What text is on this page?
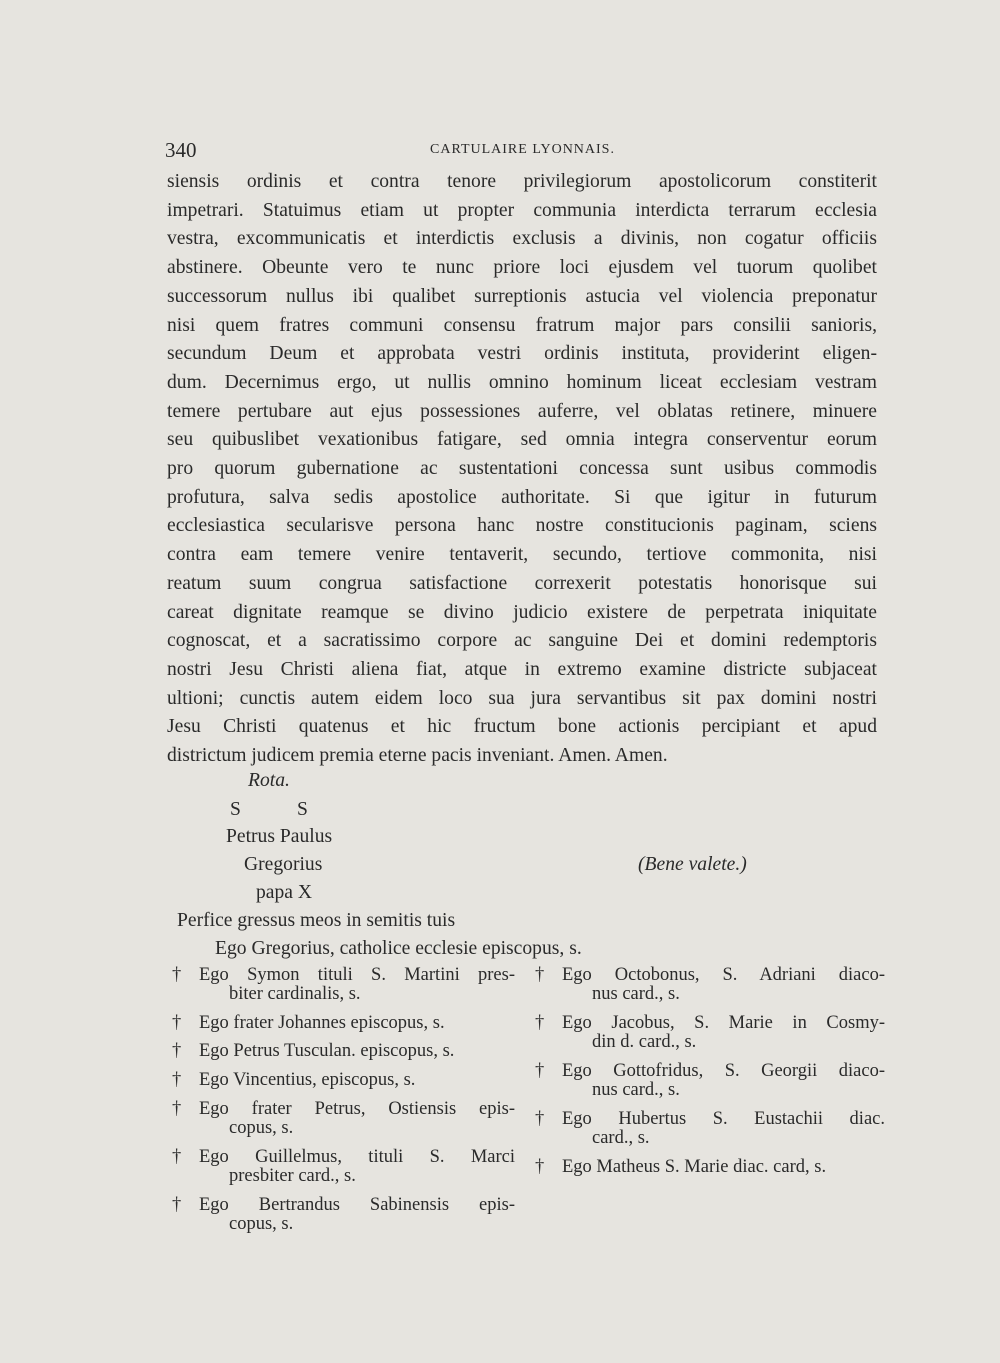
340	CARTULAIRE LYONNAIS.
siensis ordinis et contra tenore privilegiorum apostolicorum constiterit
impetrari. Statuimus etiam ut propter communia interdicta terrarum ecclesia
vestra, excommunicatis et interdictis exclusis a divinis, non cogatur officiis
abstinere. Obeunte vero te nunc priore loci ejusdem vel tuorum quolibet
successorum nullus ibi qualibet surreptionis astucia vel violencia preponatur
nisi quem fratres communi consensu fratrum major pars consilii sanioris,
secundum Deum et approbata vestri ordinis instituta, providerint eligen-
dum. Decernimus ergo, ut nullis omnino hominum liceat ecclesiam vestram
temere pertubare aut ejus possessiones auferre, vel oblatas retinere, minuere
seu quibuslibet vexationibus fatigare, sed omnia integra conserventur eorum
pro quorum gubernatione ac sustentationi concessa sunt usibus commodis
profutura, salva sedis apostolice authoritate. Si que igitur in futurum
ecclesiastica secularisve persona hanc nostre constitucionis paginam, sciens
contra eam temere venire tentaverit, secundo, tertiove commonita, nisi
reatum suum congrua satisfactione correxerit potestatis honorisque sui
careat dignitate reamque se divino judicio existere de perpetrata iniquitate
cognoscat, et a sacratissimo corpore ac sanguine Dei et domini redemptoris
nostri Jesu Christi aliena fiat, atque in extremo examine districte subjaceat
ultioni; cunctis autem eidem loco sua jura servantibus sit pax domini nostri
Jesu Christi quatenus et hic fructum bone actionis percipiant et apud
districtum judicem premia eterne pacis inveniant. Amen. Amen.
Rota.
S	S
Petrus Paulus
Gregorius	(Bene valete.)
papa X
Perfice gressus meos in semitis tuis
Ego Gregorius, catholice ecclesie episcopus, s.
† Ego Symon tituli S. Martini pres-
biter cardinalis, s.
† Ego frater Johannes episcopus, s.
† Ego Petrus Tusculan. episcopus, s.
† Ego Vincentius, episcopus, s.
† Ego frater Petrus, Ostiensis epis-
copus, s.
† Ego Guillelmus, tituli S. Marci
presbiter card., s.
† Ego Bertrandus Sabinensis epis-
copus, s.
† Ego Octobonus, S. Adriani diaco-
nus card., s.
† Ego Jacobus, S. Marie in Cosmy-
din d. card., s.
† Ego Gottofridus, S. Georgii diaco-
nus card., s.
† Ego Hubertus S. Eustachii diac.
card., s.
† Ego Matheus S. Marie diac. card, s.
